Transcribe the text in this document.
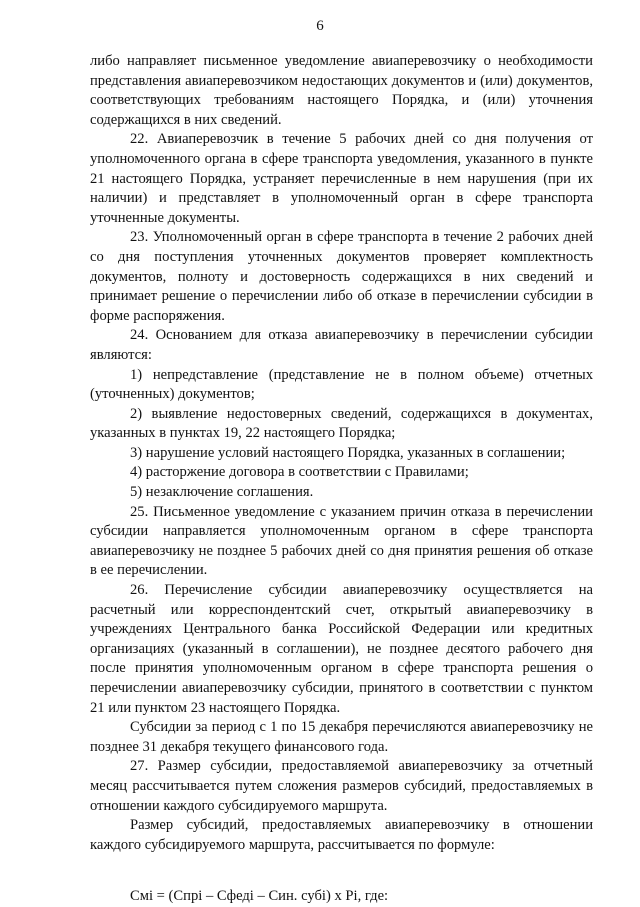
6

либо направляет письменное уведомление авиаперевозчику о необходимости представления авиаперевозчиком недостающих документов и (или) документов, соответствующих требованиям настоящего Порядка, и (или) уточнения содержащихся в них сведений.

22. Авиаперевозчик в течение 5 рабочих дней со дня получения от уполномоченного органа в сфере транспорта уведомления, указанного в пункте 21 настоящего Порядка, устраняет перечисленные в нем нарушения (при их наличии) и представляет в уполномоченный орган в сфере транспорта уточненные документы.

23. Уполномоченный орган в сфере транспорта в течение 2 рабочих дней со дня поступления уточненных документов проверяет комплектность документов, полноту и достоверность содержащихся в них сведений и принимает решение о перечислении либо об отказе в перечислении субсидии в форме распоряжения.

24. Основанием для отказа авиаперевозчику в перечислении субсидии являются:

1) непредставление (представление не в полном объеме) отчетных (уточненных) документов;

2) выявление недостоверных сведений, содержащихся в документах, указанных в пунктах 19, 22 настоящего Порядка;

3) нарушение условий настоящего Порядка, указанных в соглашении;

4) расторжение договора в соответствии с Правилами;

5) незаключение соглашения.

25. Письменное уведомление с указанием причин отказа в перечислении субсидии направляется уполномоченным органом в сфере транспорта авиаперевозчику не позднее 5 рабочих дней со дня принятия решения об отказе в ее перечислении.

26. Перечисление субсидии авиаперевозчику осуществляется на расчетный или корреспондентский счет, открытый авиаперевозчику в учреждениях Центрального банка Российской Федерации или кредитных организациях (указанный в соглашении), не позднее десятого рабочего дня после принятия уполномоченным органом в сфере транспорта решения о перечислении авиаперевозчику субсидии, принятого в соответствии с пунктом 21 или пунктом 23 настоящего Порядка.

Субсидии за период с 1 по 15 декабря перечисляются авиаперевозчику не позднее 31 декабря текущего финансового года.

27. Размер субсидии, предоставляемой авиаперевозчику за отчетный месяц рассчитывается путем сложения размеров субсидий, предоставляемых в отношении каждого субсидируемого маршрута.

Размер субсидий, предоставляемых авиаперевозчику в отношении каждого субсидируемого маршрута, рассчитывается по формуле:

Смі = (Спрі – Сфеді – Син. субі) х Рі, где:
